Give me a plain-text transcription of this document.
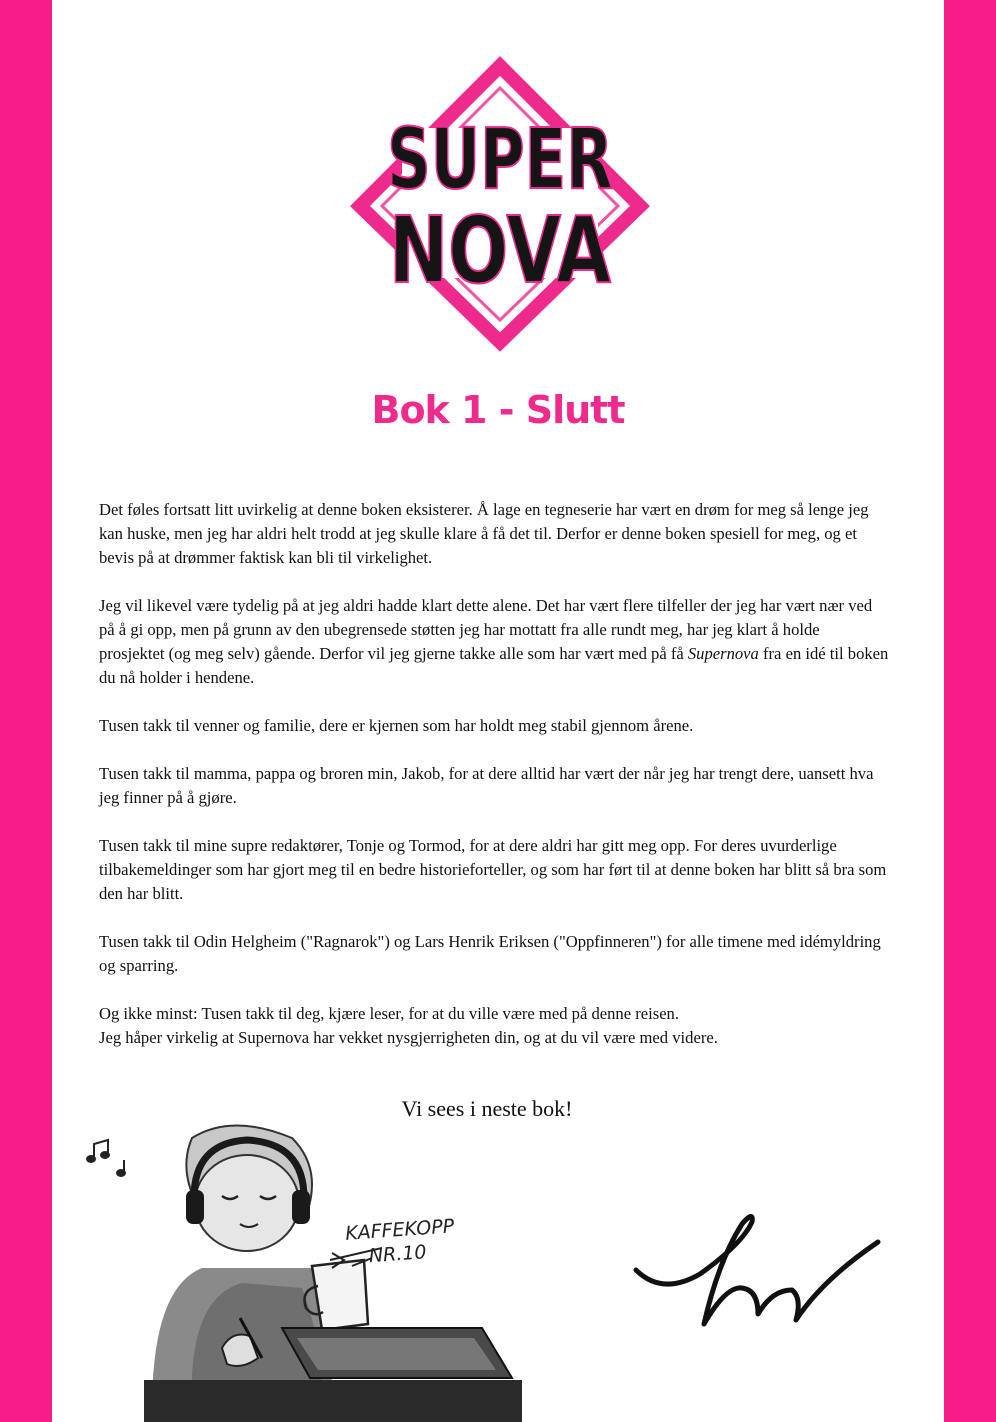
SUPER
NOVA
Bok 1 - Slutt

Det føles fortsatt litt uvirkelig at denne boken eksisterer. Å lage en tegneserie har vært en drøm for meg så lenge jeg kan huske, men jeg har aldri helt trodd at jeg skulle klare å få det til. Derfor er denne boken spesiell for meg, og et bevis på at drømmer faktisk kan bli til virkelighet.

Jeg vil likevel være tydelig på at jeg aldri hadde klart dette alene. Det har vært flere tilfeller der jeg har vært nær ved på å gi opp, men på grunn av den ubegrensede støtten jeg har mottatt fra alle rundt meg, har jeg klart å holde prosjektet (og meg selv) gående. Derfor vil jeg gjerne takke alle som har vært med på få Supernova fra en idé til boken du nå holder i hendene.

Tusen takk til venner og familie, dere er kjernen som har holdt meg stabil gjennom årene.

Tusen takk til mamma, pappa og broren min, Jakob, for at dere alltid har vært der når jeg har trengt dere, uansett hva jeg finner på å gjøre.

Tusen takk til mine supre redaktører, Tonje og Tormod, for at dere aldri har gitt meg opp. For deres uvurderlige tilbakemeldinger som har gjort meg til en bedre historieforteller, og som har ført til at denne boken har blitt så bra som den har blitt.

Tusen takk til Odin Helgheim ("Ragnarok") og Lars Henrik Eriksen ("Oppfinneren") for alle timene med idémyldring og sparring.

Og ikke minst: Tusen takk til deg, kjære leser, for at du ville være med på denne reisen.
Jeg håper virkelig at Supernova har vekket nysgjerrigheten din, og at du vil være med videre.

Vi sees i neste bok!
KAFFEKOPP
NR.10
